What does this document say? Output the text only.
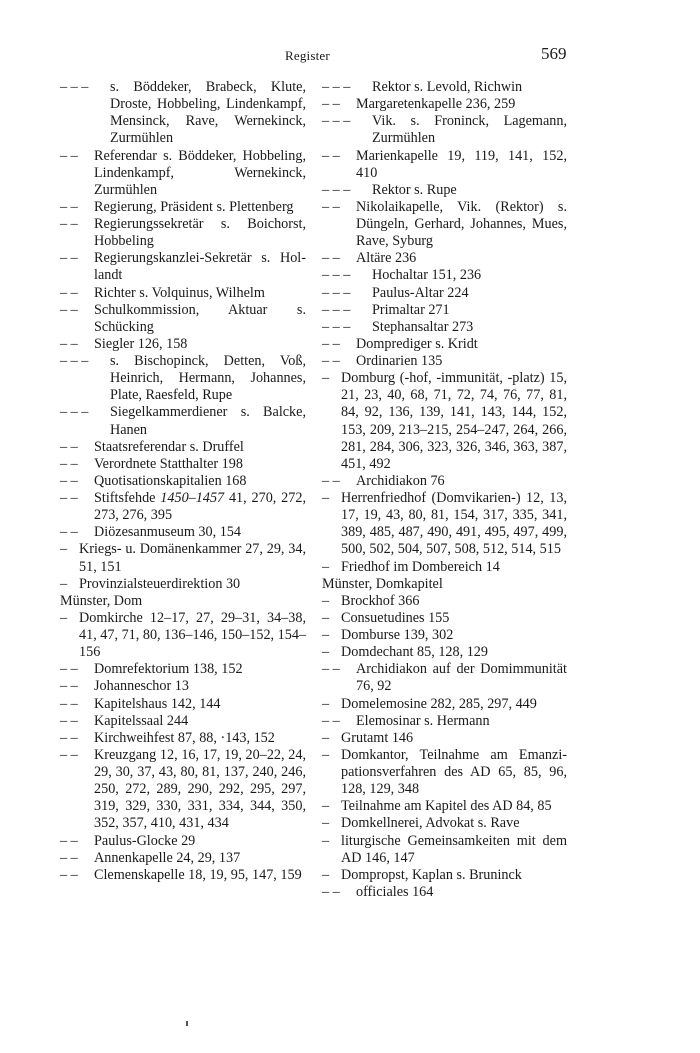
Register	569
– – –	s. Böddeker, Brabeck, Klute, Droste, Hobbeling, Lindenkampf, Mensinck, Rave, Wernekinck, Zurmühlen
– – Referendar s. Böddeker, Hobbeling, Lindenkampf, Wernekinck, Zurmühlen
– – Regierung, Präsident s. Plettenberg
– – Regierungssekretär s. Boichorst, Hobbeling
– – Regierungskanzlei-Sekretär s. Hollandt
– – Richter s. Volquinus, Wilhelm
– – Schulkommission, Aktuar s. Schücking
– – Siegler 126, 158
– – –	s. Bischopinck, Detten, Voß, Heinrich, Hermann, Johannes, Plate, Raesfeld, Rupe
– – –	Siegelkammerdiener s. Balcke, Hanen
– – Staatsreferendar s. Druffel
– – Verordnete Statthalter 198
– – Quotisationskapitalien 168
– – Stiftsfehde 1450–1457 41, 270, 272, 273, 276, 395
– – Diözesanmuseum 30, 154
– Kriegs- u. Domänenkammer 27, 29, 34, 51, 151
– Provinzialsteuerdirektion 30
Münster, Dom
– Domkirche 12–17, 27, 29–31, 34–38, 41, 47, 71, 80, 136–146, 150–152, 154–156
– – Domrefektorium 138, 152
– – Johanneschor 13
– – Kapitelshaus 142, 144
– – Kapitelssaal 244
– – Kirchweihfest 87, 88, ·143, 152
– – Kreuzgang 12, 16, 17, 19, 20–22, 24, 29, 30, 37, 43, 80, 81, 137, 240, 246, 250, 272, 289, 290, 292, 295, 297, 319, 329, 330, 331, 334, 344, 350, 352, 357, 410, 431, 434
– – Paulus-Glocke 29
– – Annenkapelle 24, 29, 137
– – Clemenskapelle 18, 19, 95, 147, 159
– – –	Rektor s. Levold, Richwin
– – Margaretenkapelle 236, 259
– – –	Vik. s. Froninck, Lagemann, Zurmühlen
– – Marienkapelle 19, 119, 141, 152, 410
– – –	Rektor s. Rupe
– – Nikolaikapelle, Vik. (Rektor) s. Düngeln, Gerhard, Johannes, Mues, Rave, Syburg
– – Altäre 236
– – –	Hochaltar 151, 236
– – –	Paulus-Altar 224
– – –	Primaltar 271
– – –	Stephansaltar 273
– – Domprediger s. Kridt
– – Ordinarien 135
– Domburg (-hof, -immunität, -platz) 15, 21, 23, 40, 68, 71, 72, 74, 76, 77, 81, 84, 92, 136, 139, 141, 143, 144, 152, 153, 209, 213–215, 254–247, 264, 266, 281, 284, 306, 323, 326, 346, 363, 387, 451, 492
– – Archidiakon 76
– Herrenfriedhof (Domvikarien-) 12, 13, 17, 19, 43, 80, 81, 154, 317, 335, 341, 389, 485, 487, 490, 491, 495, 497, 499, 500, 502, 504, 507, 508, 512, 514, 515
– Friedhof im Dombereich 14
Münster, Domkapitel
– Brockhof 366
– Consuetudines 155
– Domburse 139, 302
– Domdechant 85, 128, 129
– – Archidiakon auf der Domimmunität 76, 92
– Domelemosine 282, 285, 297, 449
– – Elemosinar s. Hermann
– Grutamt 146
– Domkantor, Teilnahme am Emanzipationsverfahren des AD 65, 85, 96, 128, 129, 348
– Teilnahme am Kapitel des AD 84, 85
– Domkellnerei, Advokat s. Rave
– liturgische Gemeinsamkeiten mit dem AD 146, 147
– Dompropst, Kaplan s. Bruninck
– – officiales 164
